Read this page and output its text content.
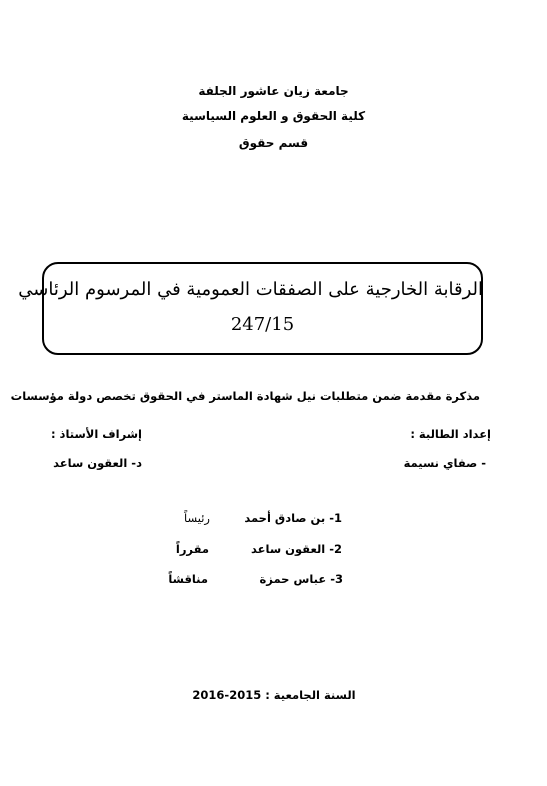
جامعة زيان عاشور الجلفة
كلية الحقوق و العلوم السياسية
قسم حقوق
الرقابة الخارجية على الصفقات العمومية في المرسوم الرئاسي
247/15
مذكرة مقدمة ضمن متطلبات نيل شهادة الماستر في الحقوق تخصص دولة مؤسسات
إعداد الطالبة :
إشراف الأستاذ :
- صفاي نسيمة
د- العقون ساعد
1- بن صادق أحمد
رئيساً
2- العقون ساعد
مقرراً
3- عباس حمزة
مناقشاً
السنة الجامعية : 2015-2016
